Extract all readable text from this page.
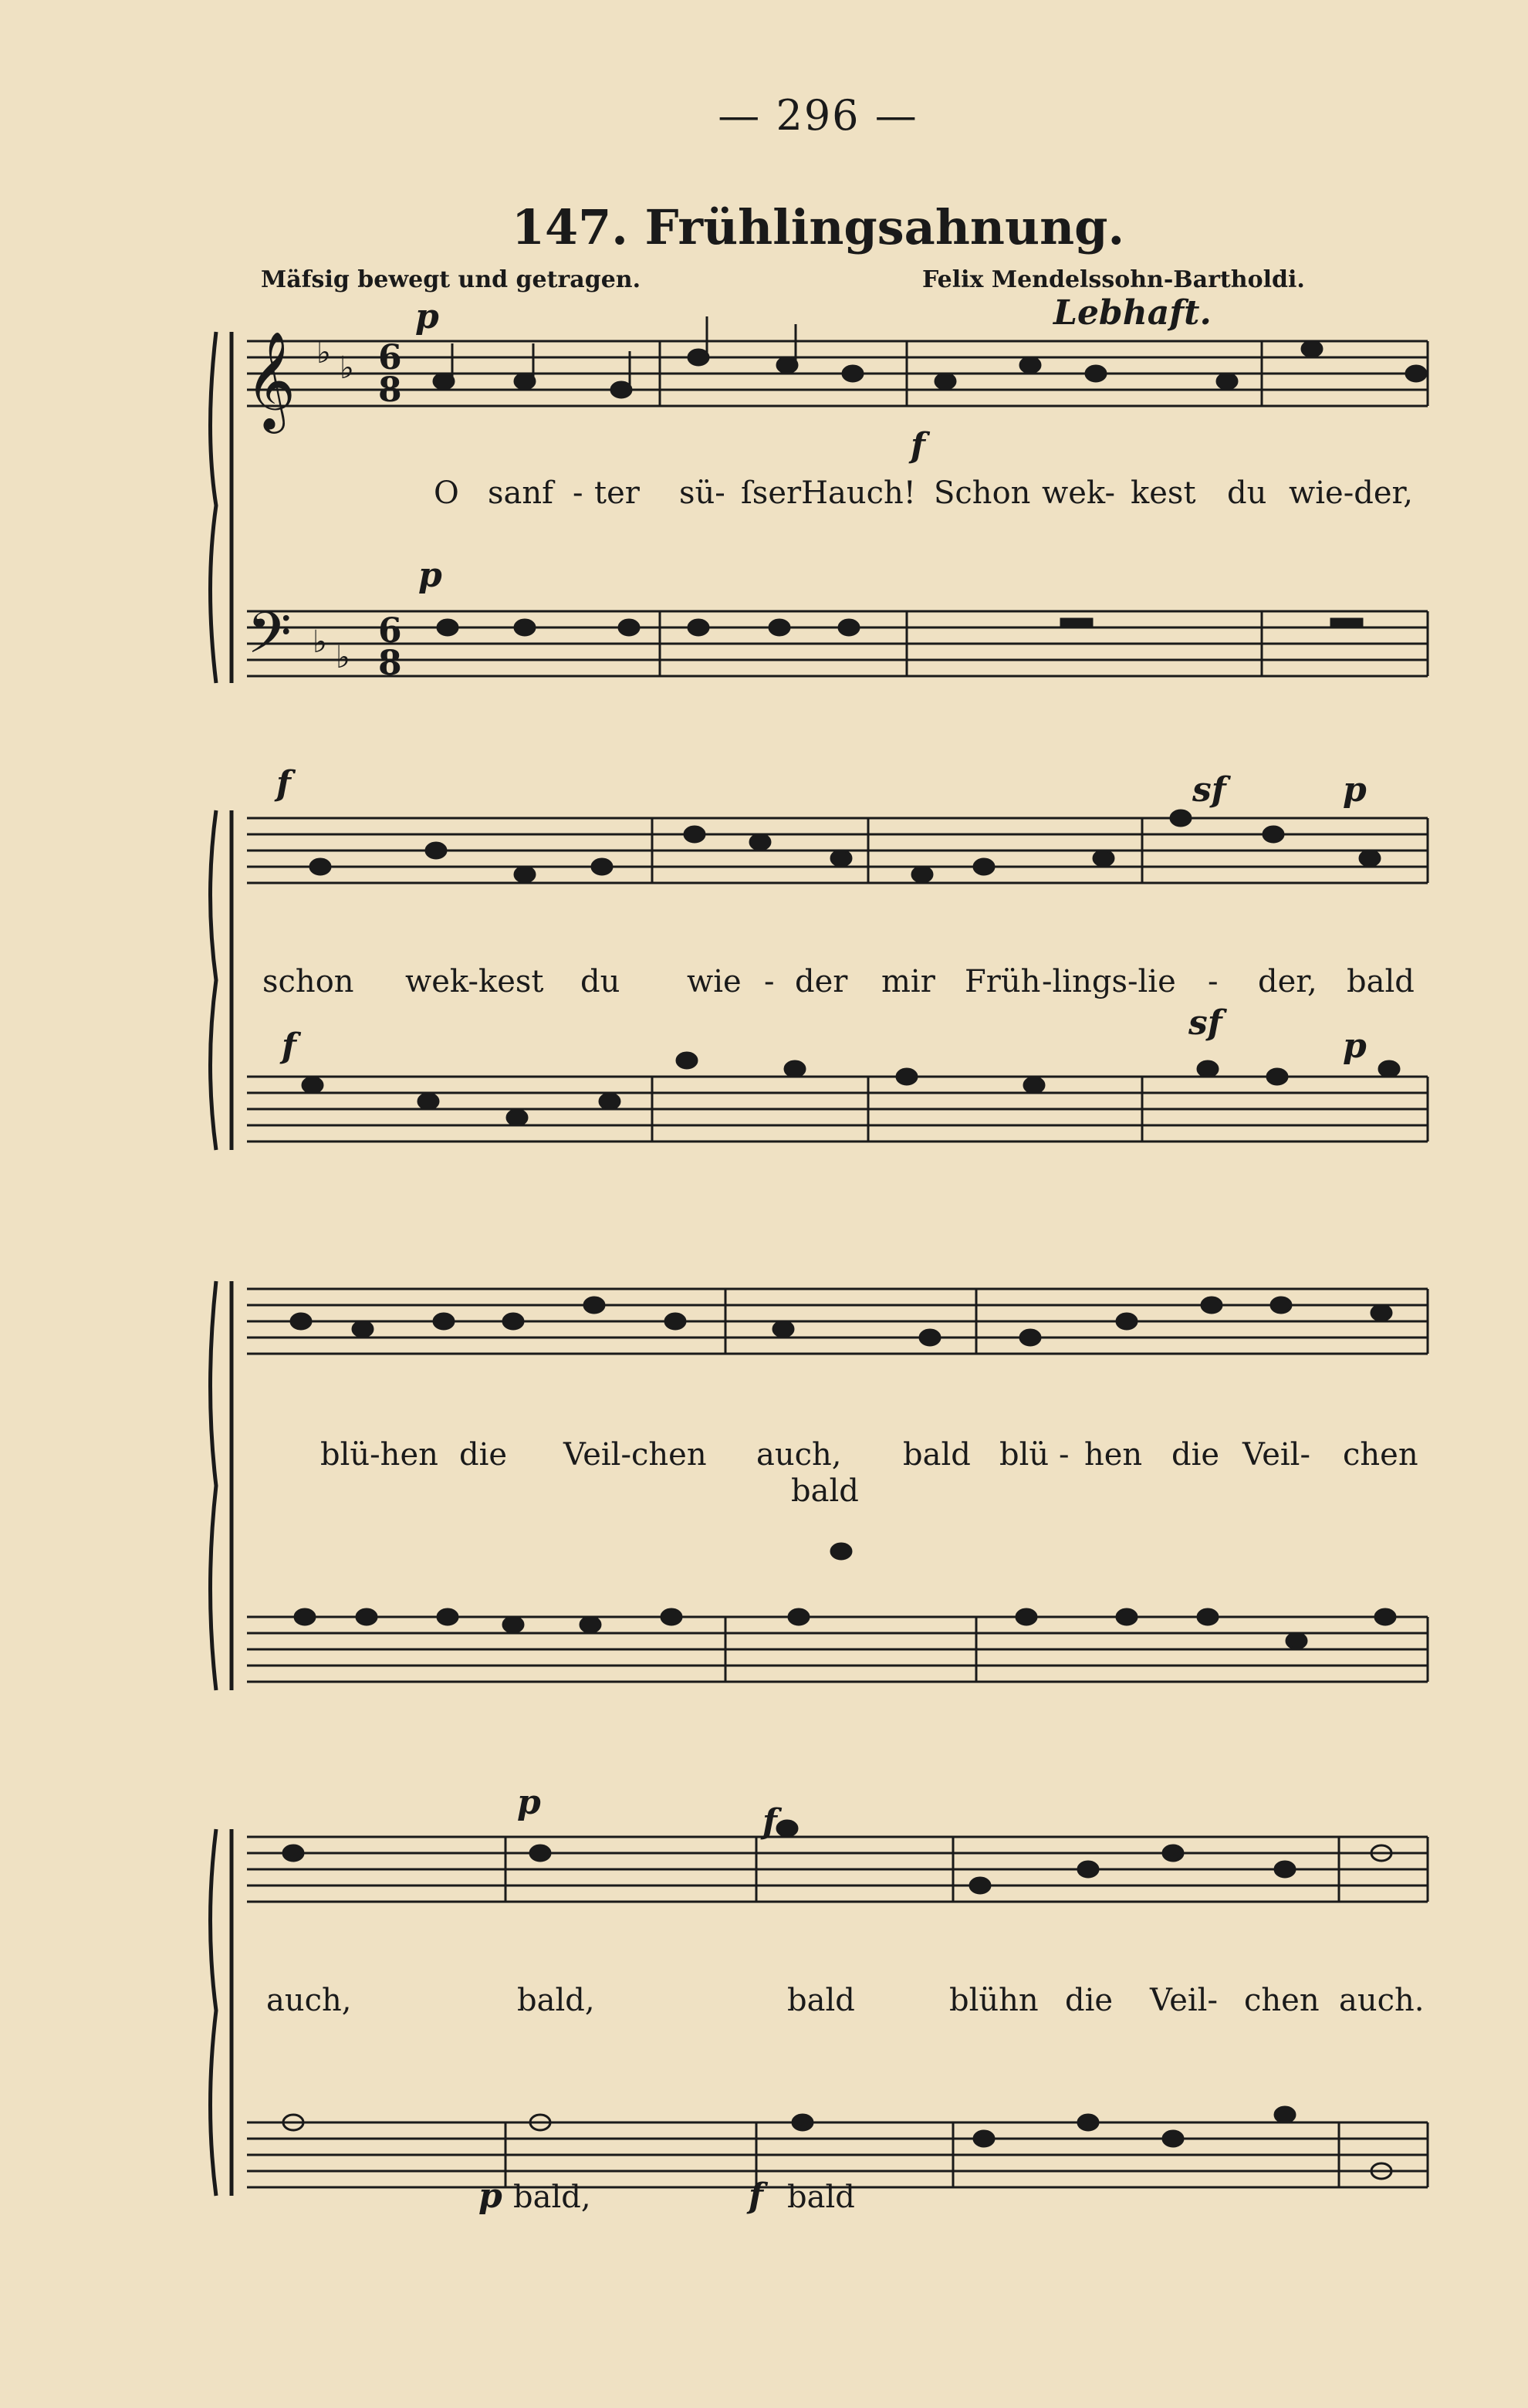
— 296 —
147. Frühlingsahnung.
Mäfsig bewegt und getragen.	Felix Mendelssohn-Bartholdi.
𝄞 ♭ ♭ 6
8
𝄢 ♭ ♭
6
8
Lebhaft.
p
f
p
f	sf	p
f
sf
p
p	f
p	f
O sanf - ter sü- ſserHauch! Schon wek- kest du wie-der,
schon wek-kest du wie - der mir Früh -lings-lie - der, bald
blü-hen die Veil-chen auch, bald blü - hen die Veil- chen
bald
auch,	bald,	bald	blühn die Veil- chen auch.
bald,	bald
